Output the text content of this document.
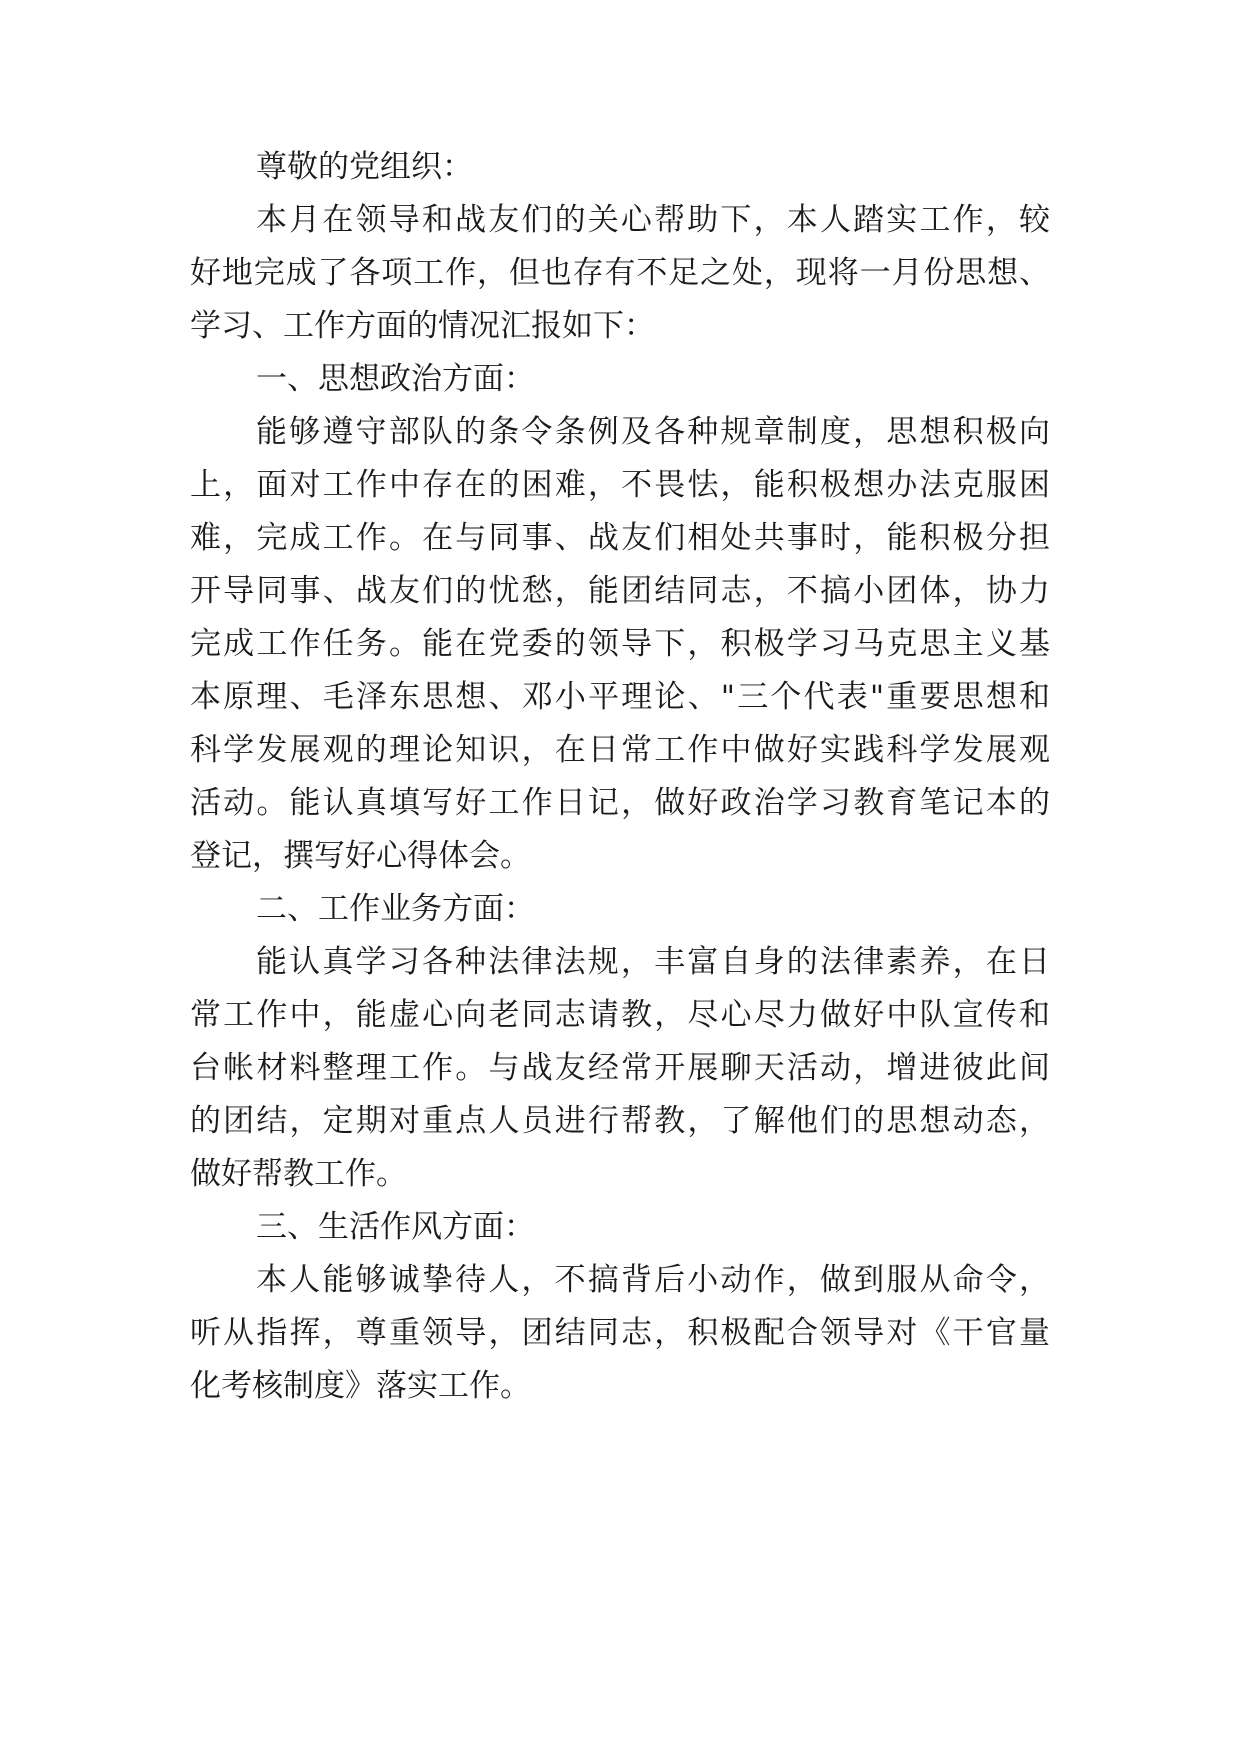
尊敬的党组织：
本月在领导和战友们的关心帮助下，本人踏实工作，较
好地完成了各项工作，但也存有不足之处，现将一月份思想、
学习、工作方面的情况汇报如下：
一、思想政治方面：
能够遵守部队的条令条例及各种规章制度，思想积极向
上，面对工作中存在的困难，不畏怯，能积极想办法克服困
难，完成工作。在与同事、战友们相处共事时，能积极分担
开导同事、战友们的忧愁，能团结同志，不搞小团体，协力
完成工作任务。能在党委的领导下，积极学习马克思主义基
本原理、毛泽东思想、邓小平理论、"三个代表"重要思想和
科学发展观的理论知识，在日常工作中做好实践科学发展观
活动。能认真填写好工作日记，做好政治学习教育笔记本的
登记，撰写好心得体会。
二、工作业务方面：
能认真学习各种法律法规，丰富自身的法律素养，在日
常工作中，能虚心向老同志请教，尽心尽力做好中队宣传和
台帐材料整理工作。与战友经常开展聊天活动，增进彼此间
的团结，定期对重点人员进行帮教，了解他们的思想动态，
做好帮教工作。
三、生活作风方面：
本人能够诚挚待人，不搞背后小动作，做到服从命令，
听从指挥，尊重领导，团结同志，积极配合领导对《干官量
化考核制度》落实工作。
